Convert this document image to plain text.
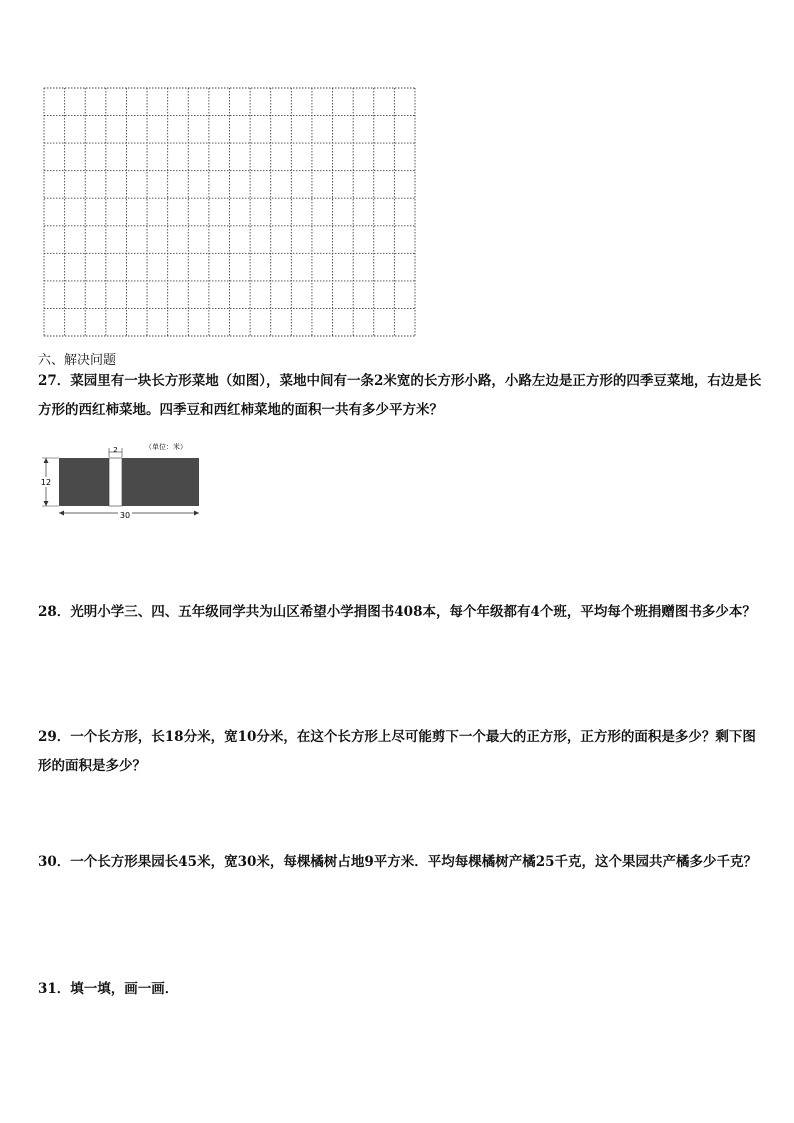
六、解决问题

27．菜园里有一块长方形菜地（如图），菜地中间有一条2米宽的长方形小路，小路左边是正方形的四季豆菜地，右边是长方形的西红柿菜地。四季豆和西红柿菜地的面积一共有多少平方米？

2	（单位：米）
12
30

28．光明小学三、四、五年级同学共为山区希望小学捐图书408本，每个年级都有4个班，平均每个班捐赠图书多少本？

29．一个长方形，长18分米，宽10分米，在这个长方形上尽可能剪下一个最大的正方形，正方形的面积是多少？剩下图形的面积是多少？

30．一个长方形果园长45米，宽30米，每棵橘树占地9平方米．平均每棵橘树产橘25千克，这个果园共产橘多少千克？

31．填一填，画一画．
